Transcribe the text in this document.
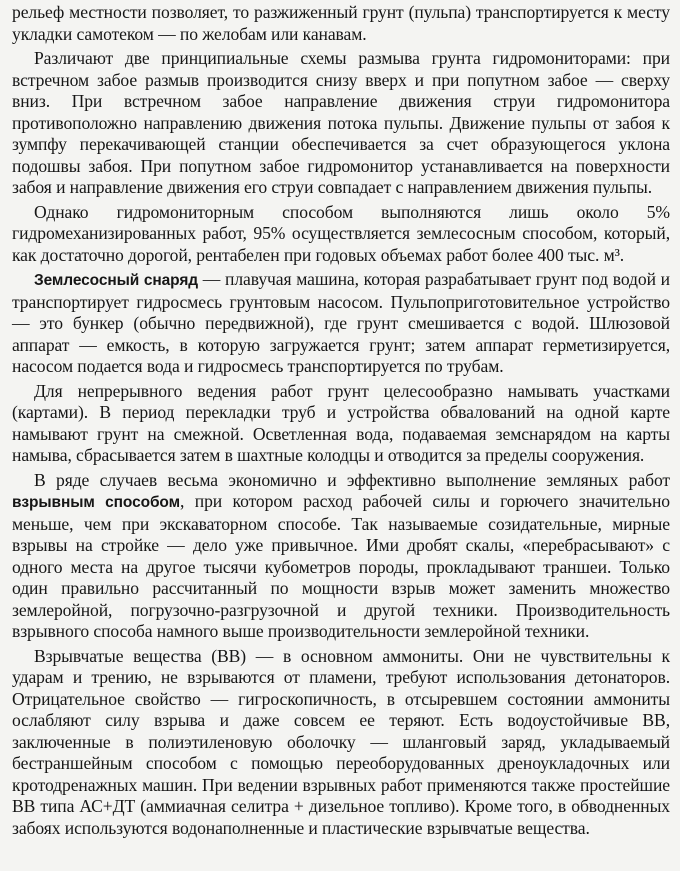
рельеф местности позволяет, то разжиженный грунт (пульпа) транспортируется к месту укладки самотеком — по желобам или канавам.

Различают две принципиальные схемы размыва грунта гидромониторами: при встречном забое размыв производится снизу вверх и при попутном забое — сверху вниз. При встречном забое направление движения струи гидромонитора противоположно направлению движения потока пульпы. Движение пульпы от забоя к зумпфу перекачивающей станции обеспечивается за счет образующегося уклона подошвы забоя. При попутном забое гидромонитор устанавливается на поверхности забоя и направление движения его струи совпадает с направлением движения пульпы.

Однако гидромониторным способом выполняются лишь около 5% гидромеханизированных работ, 95% осуществляется землесосным способом, который, как достаточно дорогой, рентабелен при годовых объемах работ более 400 тыс. м³.

Землесосный снаряд — плавучая машина, которая разрабатывает грунт под водой и транспортирует гидросмесь грунтовым насосом. Пульпоприготовительное устройство — это бункер (обычно передвижной), где грунт смешивается с водой. Шлюзовой аппарат — емкость, в которую загружается грунт; затем аппарат герметизируется, насосом подается вода и гидросмесь транспортируется по трубам.

Для непрерывного ведения работ грунт целесообразно намывать участками (картами). В период перекладки труб и устройства обвалований на одной карте намывают грунт на смежной. Осветленная вода, подаваемая земснарядом на карты намыва, сбрасывается затем в шахтные колодцы и отводится за пределы сооружения.

В ряде случаев весьма экономично и эффективно выполнение земляных работ взрывным способом, при котором расход рабочей силы и горючего значительно меньше, чем при экскаваторном способе. Так называемые созидательные, мирные взрывы на стройке — дело уже привычное. Ими дробят скалы, «перебрасывают» с одного места на другое тысячи кубометров породы, прокладывают траншеи. Только один правильно рассчитанный по мощности взрыв может заменить множество землеройной, погрузочно-разгрузочной и другой техники. Производительность взрывного способа намного выше производительности землеройной техники.

Взрывчатые вещества (ВВ) — в основном аммониты. Они не чувствительны к ударам и трению, не взрываются от пламени, требуют использования детонаторов. Отрицательное свойство — гигроскопичность, в отсыревшем состоянии аммониты ослабляют силу взрыва и даже совсем ее теряют. Есть водоустойчивые ВВ, заключенные в полиэтиленовую оболочку — шланговый заряд, укладываемый бестраншейным способом с помощью переоборудованных дреноукладочных или кротодренажных машин. При ведении взрывных работ применяются также простейшие ВВ типа АС+ДТ (аммиачная селитра + дизельное топливо). Кроме того, в обводненных забоях используются водонаполненные и пластические взрывчатые вещества.
